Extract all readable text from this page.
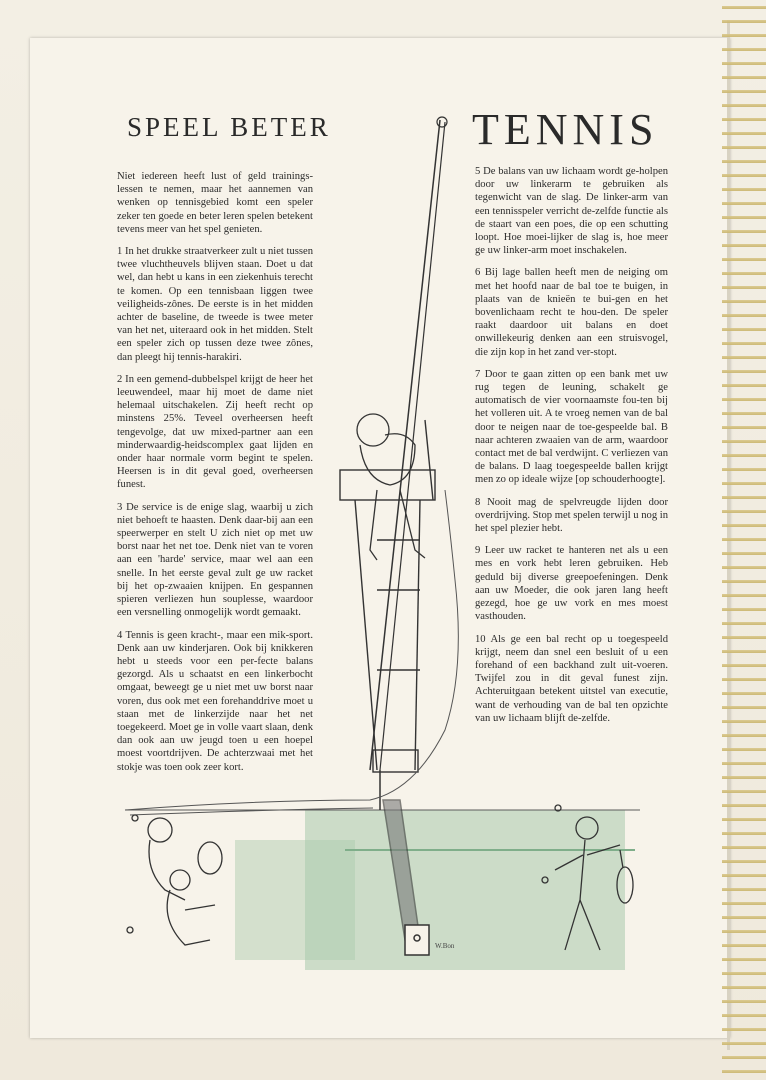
W.Bon
SPEEL BETER	TENNIS

Niet iedereen heeft lust of geld trainings-lessen te nemen, maar het aannemen van wenken op tennisgebied komt een speler zeker ten goede en beter leren spelen betekent tevens meer van het spel genieten.

1 In het drukke straatverkeer zult u niet tussen twee vluchtheuvels blijven staan. Doet u dat wel, dan hebt u kans in een ziekenhuis terecht te komen. Op een tennisbaan liggen twee veiligheids-zônes. De eerste is in het midden achter de baseline, de tweede is twee meter van het net, uiteraard ook in het midden. Stelt een speler zich op tussen deze twee zônes, dan pleegt hij tennis-harakiri.

2 In een gemend-dubbelspel krijgt de heer het leeuwendeel, maar hij moet de dame niet helemaal uitschakelen. Zij heeft recht op minstens 25%. Teveel overheersen heeft tengevolge, dat uw mixed-partner aan een minderwaardig-heidscomplex gaat lijden en onder haar normale vorm begint te spelen. Heersen is in dit geval goed, overheersen funest.

3 De service is de enige slag, waarbij u zich niet behoeft te haasten. Denk daar-bij aan een speerwerper en stelt U zich niet op met uw borst naar het net toe. Denk niet van te voren aan een 'harde' service, maar wel aan een snelle. In het eerste geval zult ge uw racket bij het op-zwaaien knijpen. En gespannen spieren verliezen hun souplesse, waardoor een versnelling onmogelijk wordt gemaakt.

4 Tennis is geen kracht-, maar een mik-sport. Denk aan uw kinderjaren. Ook bij knikkeren hebt u steeds voor een per-fecte balans gezorgd. Als u schaatst en een linkerbocht omgaat, beweegt ge u niet met uw borst naar voren, dus ook met een forehanddrive moet u staan met de linkerzijde naar het net toegekeerd. Moet ge in volle vaart slaan, denk dan ook aan uw jeugd toen u een hoepel moest voortdrijven. De achterzwaai met het stokje was toen ook zeer kort.

5 De balans van uw lichaam wordt ge-holpen door uw linkerarm te gebruiken als tegenwicht van de slag. De linker-arm van een tennisspeler verricht de-zelfde functie als de staart van een poes, die op een schutting loopt. Hoe moei-lijker de slag is, hoe meer ge uw linker-arm moet inschakelen.

6 Bij lage ballen heeft men de neiging om met het hoofd naar de bal toe te buigen, in plaats van de knieën te bui-gen en het bovenlichaam recht te hou-den. De speler raakt daardoor uit balans en doet onwillekeurig denken aan een struisvogel, die zijn kop in het zand ver-stopt.

7 Door te gaan zitten op een bank met uw rug tegen de leuning, schakelt ge automatisch de vier voornaamste fou-ten bij het volleren uit. A te vroeg nemen van de bal door te neigen naar de toe-gespeelde bal. B naar achteren zwaaien van de arm, waardoor contact met de bal verdwijnt. C verliezen van de balans. D laag toegespeelde ballen krijgt men zo op ideale wijze [op schouderhoogte].

8 Nooit mag de spelvreugde lijden door overdrijving. Stop met spelen terwijl u nog in het spel plezier hebt.

9 Leer uw racket te hanteren net als u een mes en vork hebt leren gebruiken. Heb geduld bij diverse greepoefeningen. Denk aan uw Moeder, die ook jaren lang heeft gezegd, hoe ge uw vork en mes moest vasthouden.

10 Als ge een bal recht op u toegespeeld krijgt, neem dan snel een besluit of u een forehand of een backhand zult uit-voeren. Twijfel zou in dit geval funest zijn. Achteruitgaan betekent uitstel van executie, want de verhouding van de bal ten opzichte van uw lichaam blijft de-zelfde.
